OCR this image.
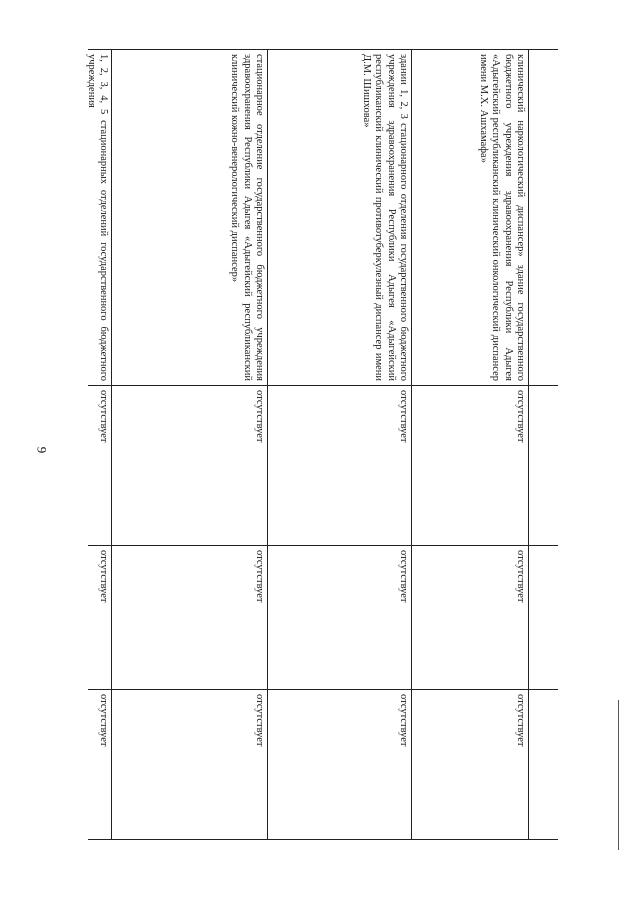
9
клинический наркологический диспансер» здание государственного бюджетного учреждения здравоохранения Республики Адыгея «Адыгейский республиканский клинический онкологический диспансер имени М.Х. Ашхамафа»
здании 1, 2, 3 стационарного отделения государственного бюджетного учреждения здравоохранения Республики Адыгея «Адыгейский республиканский клинический противотуберкулезный диспансер имени Д.М. Шишхова»
стационарное отделение государственного бюджетного учреждения здравоохранения Республики Адыгея «Адыгейский республиканский клинический кожно-венерологический диспансер»
1, 2, 3, 4, 5 стационарных отделений государственного бюджетного учреждения
отсутствует
отсутствует
отсутствует
отсутствует
отсутствует
отсутствует
отсутствует
отсутствует
отсутствует
отсутствует
отсутствует
отсутствует
